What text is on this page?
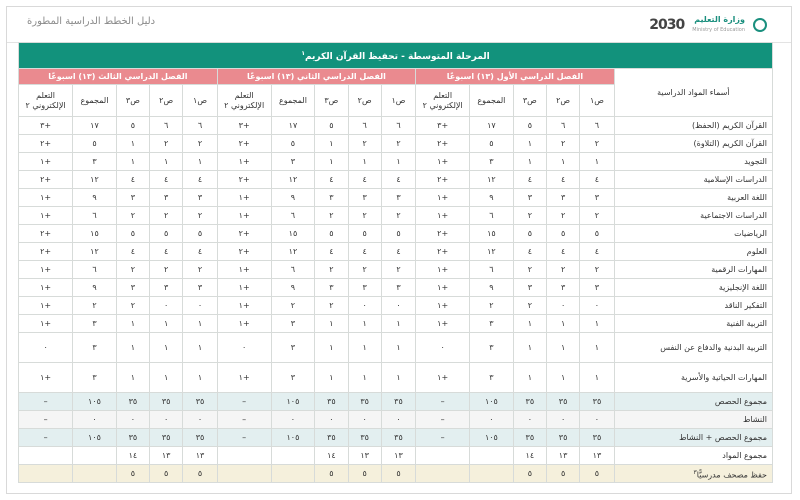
دليل الخطط الدراسية المطورة	2030 وزارة التعليم
Ministry of Education
المرحلة المتوسطة - تحفيظ القرآن الكريم$^١$
أسماء المواد الدراسية	الفصل الدراسي الأول (١٣) اسبوعًا					الفصل الدراسي الثاني (١٣) اسبوعًا					الفصل الدراسي الثالث (١٣) اسبوعًا				
	ص١	ص٢	ص٣	المجموع	التعلم الإلكتروني ٢	ص١	ص٢	ص٣	المجموع	التعلم الإلكتروني ٢	ص١	ص٢	ص٣	المجموع	التعلم الإلكتروني ٢
القرآن الكريم (الحفظ)	٦	٦	٥	١٧	+٣	٦	٦	٥	١٧	+٣	٦	٦	٥	١٧	+٣
القرآن الكريم (التلاوة)	٢	٢	١	٥	+٢	٢	٢	١	٥	+٢	٢	٢	١	٥	+٢
التجويد	١	١	١	٣	+١	١	١	١	٣	+١	١	١	١	٣	+١
الدراسات الإسلامية	٤	٤	٤	١٢	+٢	٤	٤	٤	١٢	+٢	٤	٤	٤	١٢	+٢
اللغة العربية	٣	٣	٣	٩	+١	٣	٣	٣	٩	+١	٣	٣	٣	٩	+١
الدراسات الاجتماعية	٢	٢	٢	٦	+١	٢	٢	٢	٦	+١	٢	٢	٢	٦	+١
الرياضيات	٥	٥	٥	١٥	+٢	٥	٥	٥	١٥	+٢	٥	٥	٥	١٥	+٢
العلوم	٤	٤	٤	١٢	+٢	٤	٤	٤	١٢	+٢	٤	٤	٤	١٢	+٢
المهارات الرقمية	٢	٢	٢	٦	+١	٢	٢	٢	٦	+١	٢	٢	٢	٦	+١
اللغة الإنجليزية	٣	٣	٣	٩	+١	٣	٣	٣	٩	+١	٣	٣	٣	٩	+١
التفكير الناقد	٠	٠	٢	٢	+١	٠	٠	٢	٢	+١	٠	٠	٢	٢	+١
التربية الفنية	١	١	١	٣	+١	١	١	١	٣	+١	١	١	١	٣	+١
التربية البدنية والدفاع عن النفس	١	١	١	٣	٠	١	١	١	٣	٠	١	١	١	٣	٠
المهارات الحياتية والأسرية	١	١	١	٣	+١	١	١	١	٣	+١	١	١	١	٣	+١
مجموع الحصص	٣٥	٣٥	٣٥	١٠٥	–	٣٥	٣٥	٣٥	١٠٥	–	٣٥	٣٥	٣٥	١٠٥	–
النشاط	٠	٠	٠	٠	–	٠	٠	٠	٠	–	٠	٠	٠	٠	–
مجموع الحصص + النشاط	٣٥	٣٥	٣٥	١٠٥	–	٣٥	٣٥	٣٥	١٠٥	–	٣٥	٣٥	٣٥	١٠٥	–
مجموع المواد	١٣	١٣	١٤			١٣	١٣	١٤			١٣	١٣	١٤		
حفظ مصحف مدرسيًّا$^٣$	٥	٥	٥			٥	٥	٥			٥	٥	٥		
